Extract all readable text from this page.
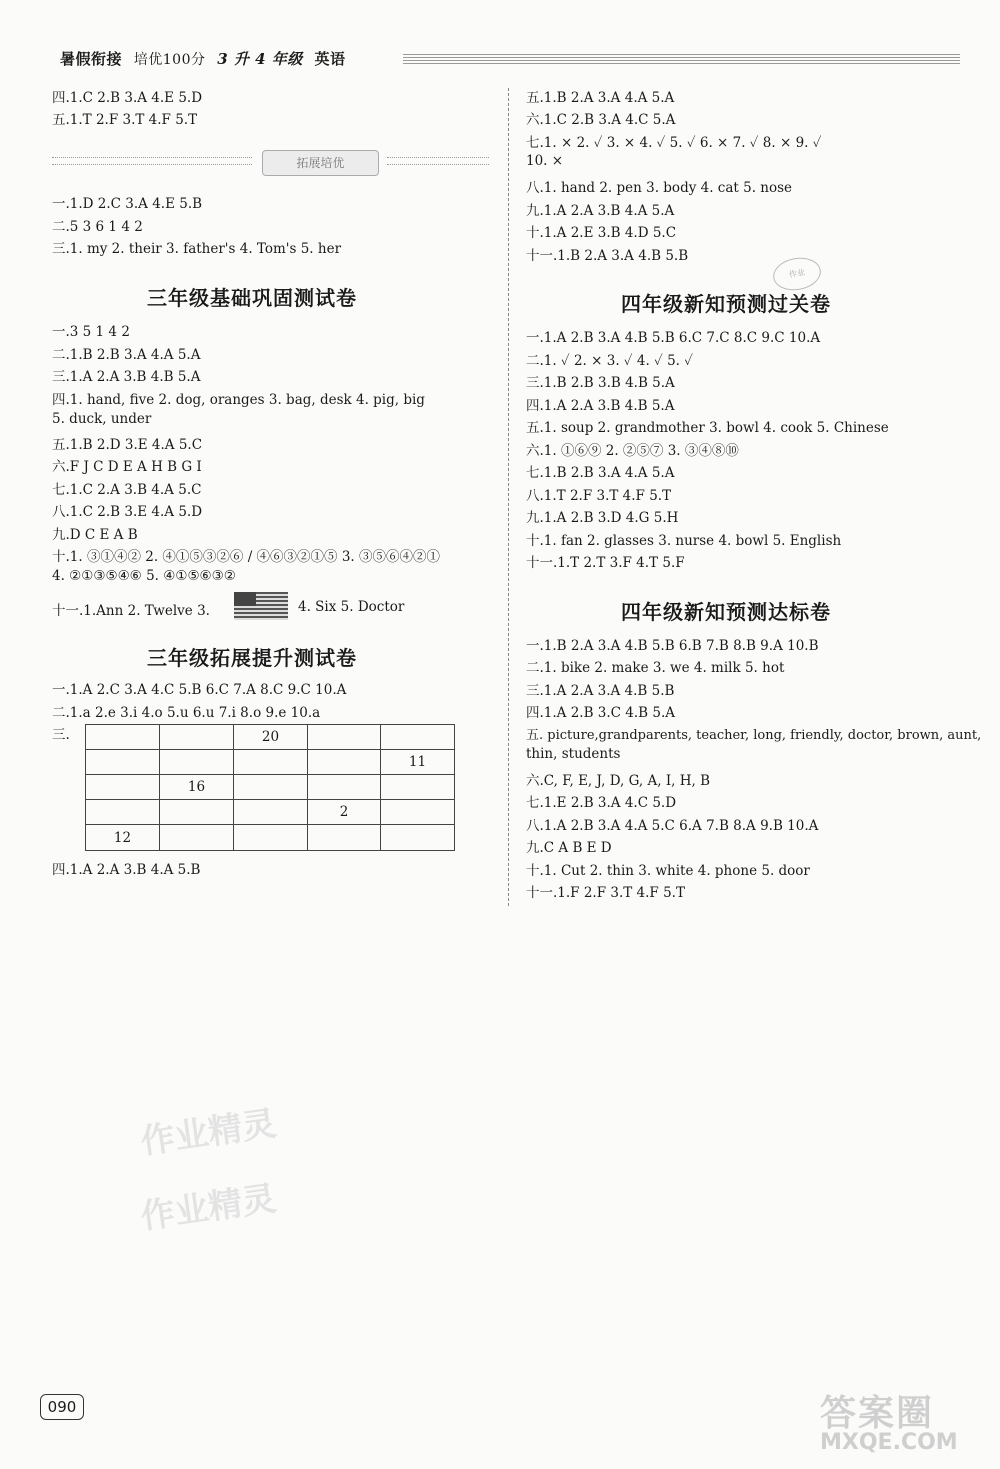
暑假衔接 培优100分 3 升 4 年级 英语
四.1.C 2.B 3.A 4.E 5.D
五.1.T 2.F 3.T 4.F 5.T
一.1.D 2.C 3.A 4.E 5.B
二.5 3 6 1 4 2
三.1. my 2. their 3. father's 4. Tom's 5. her
三年级基础巩固测试卷
一.3 5 1 4 2
二.1.B 2.B 3.A 4.A 5.A
三.1.A 2.A 3.B 4.B 5.A
四.1. hand, five 2. dog, oranges 3. bag, desk 4. pig, big
5. duck, under
五.1.B 2.D 3.E 4.A 5.C
六.F J C D E A H B G I
七.1.C 2.A 3.B 4.A 5.C
八.1.C 2.B 3.E 4.A 5.D
九.D C E A B
十.1. ③①④② 2. ④①⑤③②⑥ / ④⑥③②①⑤ 3. ③⑤⑥④②①
4. ②①③⑤④⑥ 5. ④①⑤⑥③②
十一.1.Ann 2. Twelve 3.	4. Six 5. Doctor
三年级拓展提升测试卷
一.1.A 2.C 3.A 4.C 5.B 6.C 7.A 8.C 9.C 10.A
二.1.a 2.e 3.i 4.o 5.u 6.u 7.i 8.o 9.e 10.a
三.
四.1.A 2.A 3.B 4.A 5.B
拓展培优
20
11
16
2
12
五.1.B 2.A 3.A 4.A 5.A
六.1.C 2.B 3.A 4.C 5.A
七.1. × 2. ✓ 3. × 4. ✓ 5. ✓ 6. × 7. ✓ 8. × 9. ✓
10. ×
八.1. hand 2. pen 3. body 4. cat 5. nose
九.1.A 2.A 3.B 4.A 5.A
十.1.A 2.E 3.B 4.D 5.C
十一.1.B 2.A 3.A 4.B 5.B
四年级新知预测过关卷
一.1.A 2.B 3.A 4.B 5.B 6.C 7.C 8.C 9.C 10.A
二.1. ✓ 2. × 3. ✓ 4. ✓ 5. ✓
三.1.B 2.B 3.B 4.B 5.A
四.1.A 2.A 3.B 4.B 5.A
五.1. soup 2. grandmother 3. bowl 4. cook 5. Chinese
六.1. ①⑥⑨ 2. ②⑤⑦ 3. ③④⑧⑩
七.1.B 2.B 3.A 4.A 5.A
八.1.T 2.F 3.T 4.F 5.T
九.1.A 2.B 3.D 4.G 5.H
十.1. fan 2. glasses 3. nurse 4. bowl 5. English
十一.1.T 2.T 3.F 4.T 5.F
四年级新知预测达标卷
一.1.B 2.A 3.A 4.B 5.B 6.B 7.B 8.B 9.A 10.B
二.1. bike 2. make 3. we 4. milk 5. hot
三.1.A 2.A 3.A 4.B 5.B
四.1.A 2.B 3.C 4.B 5.A
五. picture,grandparents, teacher, long, friendly, doctor, brown, aunt,
thin, students
六.C, F, E, J, D, G, A, I, H, B
七.1.E 2.B 3.A 4.C 5.D
八.1.A 2.B 3.A 4.A 5.C 6.A 7.B 8.A 9.B 10.A
九.C A B E D
十.1. Cut 2. thin 3. white 4. phone 5. door
十一.1.F 2.F 3.T 4.F 5.T
作业
作业精灵
作业精灵
090	答案圈
MXQE.COM
